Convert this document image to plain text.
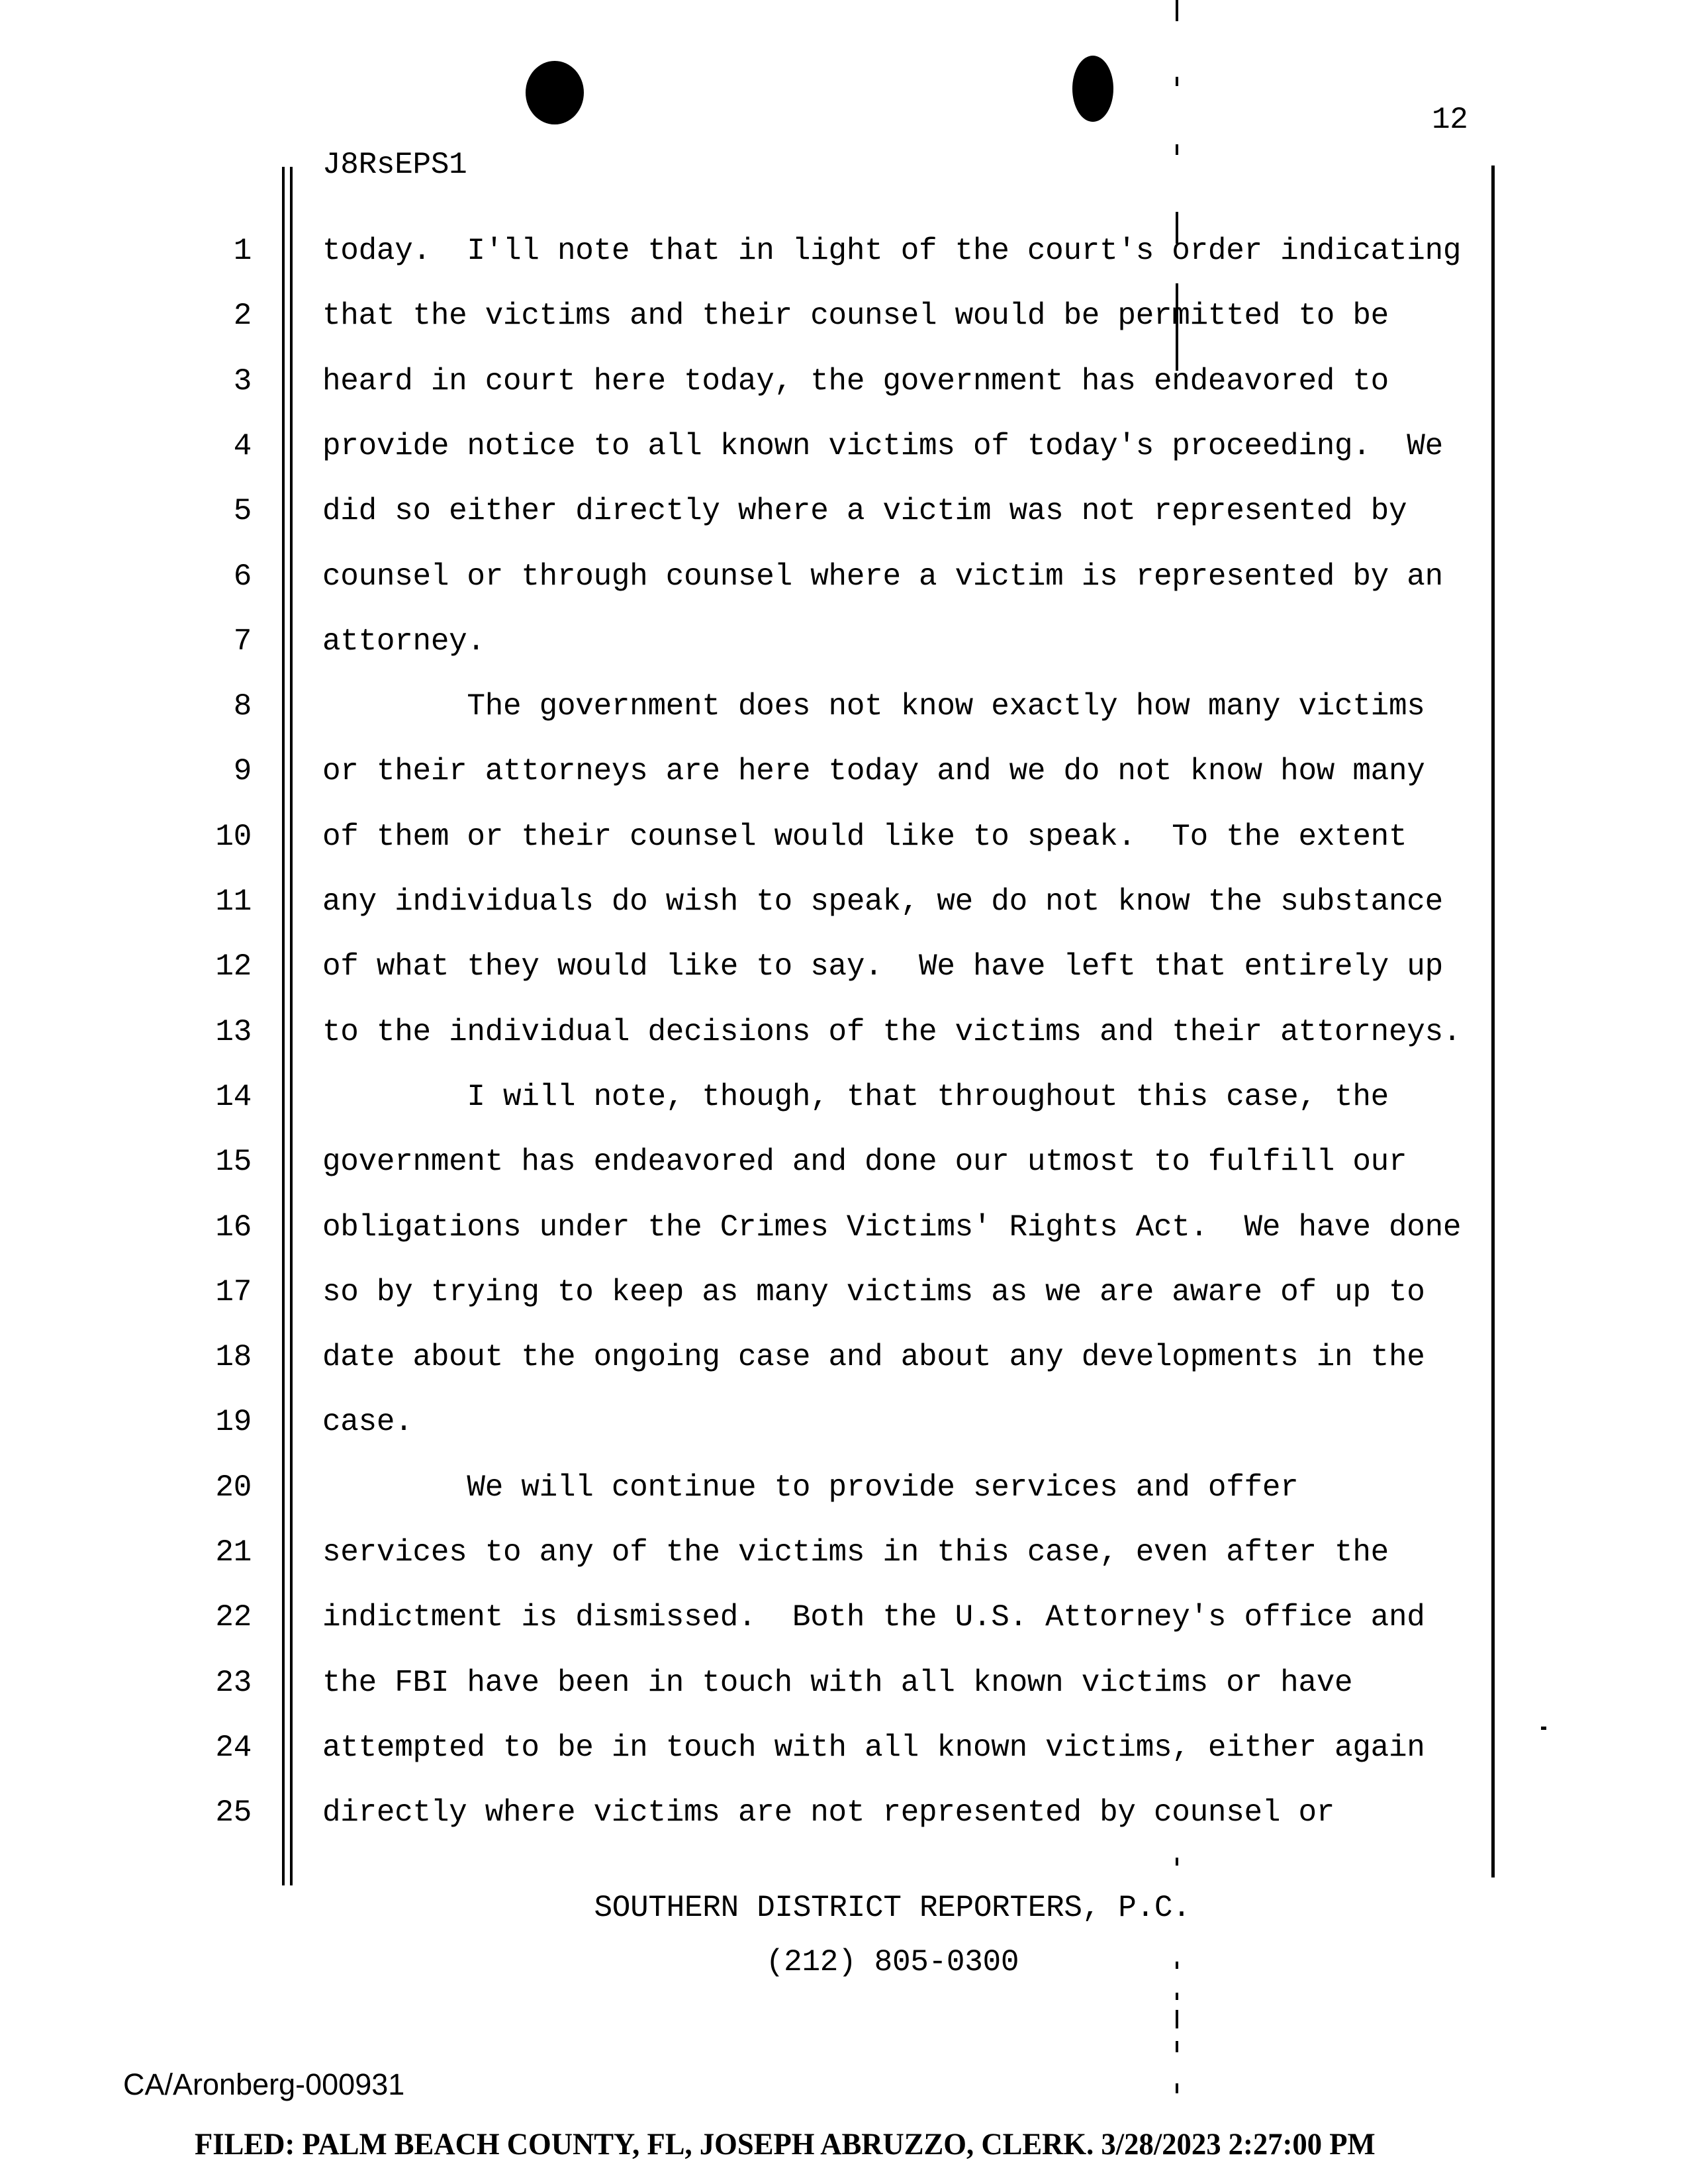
12
J8RsEPS1
1 today.  I'll note that in light of the court's order indicating
2 that the victims and their counsel would be permitted to be
3 heard in court here today, the government has endeavored to
4 provide notice to all known victims of today's proceeding.  We
5 did so either directly where a victim was not represented by
6 counsel or through counsel where a victim is represented by an
7 attorney.
8 The government does not know exactly how many victims
9 or their attorneys are here today and we do not know how many
10 of them or their counsel would like to speak.  To the extent
11 any individuals do wish to speak, we do not know the substance
12 of what they would like to say.  We have left that entirely up
13 to the individual decisions of the victims and their attorneys.
14 I will note, though, that throughout this case, the
15 government has endeavored and done our utmost to fulfill our
16 obligations under the Crimes Victims' Rights Act.  We have done
17 so by trying to keep as many victims as we are aware of up to
18 date about the ongoing case and about any developments in the
19 case.
20 We will continue to provide services and offer
21 services to any of the victims in this case, even after the
22 indictment is dismissed.  Both the U.S. Attorney's office and
23 the FBI have been in touch with all known victims or have
24 attempted to be in touch with all known victims, either again
25 directly where victims are not represented by counsel or
SOUTHERN DISTRICT REPORTERS, P.C.
(212) 805-0300
CA/Aronberg-000931
FILED: PALM BEACH COUNTY, FL, JOSEPH ABRUZZO, CLERK. 3/28/2023 2:27:00 PM
